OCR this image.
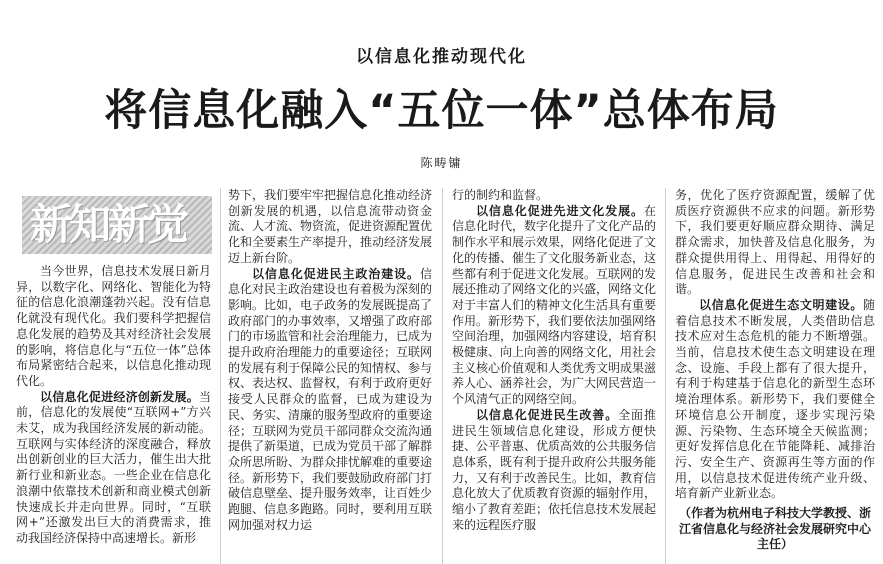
以信息化推动现代化
将信息化融入“五位一体”总体布局
陈畴镛
新知新觉

当今世界，信息技术发展日新月异，以数字化、网络化、智能化为特征的信息化浪潮蓬勃兴起。没有信息化就没有现代化。我们要科学把握信息化发展的趋势及其对经济社会发展的影响，将信息化与“五位一体”总体布局紧密结合起来，以信息化推动现代化。

以信息化促进经济创新发展。当前，信息化的发展使“互联网+”方兴未艾，成为我国经济发展的新动能。互联网与实体经济的深度融合，释放出创新创业的巨大活力，催生出大批新行业和新业态。一些企业在信息化浪潮中依靠技术创新和商业模式创新快速成长并走向世界。同时，“互联网+”还激发出巨大的消费需求，推动我国经济保持中高速增长。新形

势下，我们要牢牢把握信息化推动经济创新发展的机遇，以信息流带动资金流、人才流、物资流，促进资源配置优化和全要素生产率提升，推动经济发展迈上新台阶。

以信息化促进民主政治建设。信息化对民主政治建设也有着极为深刻的影响。比如，电子政务的发展既提高了政府部门的办事效率，又增强了政府部门的市场监管和社会治理能力，已成为提升政府治理能力的重要途径；互联网的发展有利于保障公民的知情权、参与权、表达权、监督权，有利于政府更好接受人民群众的监督，已成为建设为民、务实、清廉的服务型政府的重要途径；互联网为党员干部同群众交流沟通提供了新渠道，已成为党员干部了解群众所思所盼、为群众排忧解难的重要途径。新形势下，我们要鼓励政府部门打破信息壁垒、提升服务效率，让百姓少跑腿、信息多跑路。同时，要利用互联网加强对权力运

行的制约和监督。

以信息化促进先进文化发展。在信息化时代，数字化提升了文化产品的制作水平和展示效果，网络化促进了文化的传播、催生了文化服务新业态，这些都有利于促进文化发展。互联网的发展还推动了网络文化的兴盛，网络文化对于丰富人们的精神文化生活具有重要作用。新形势下，我们要依法加强网络空间治理，加强网络内容建设，培育积极健康、向上向善的网络文化，用社会主义核心价值观和人类优秀文明成果滋养人心、涵养社会，为广大网民营造一个风清气正的网络空间。

以信息化促进民生改善。全面推进民生领域信息化建设，形成方便快捷、公平普惠、优质高效的公共服务信息体系，既有利于提升政府公共服务能力，又有利于改善民生。比如，教育信息化放大了优质教育资源的辐射作用，缩小了教育差距；依托信息技术发展起来的远程医疗服

务，优化了医疗资源配置，缓解了优质医疗资源供不应求的问题。新形势下，我们要更好顺应群众期待、满足群众需求，加快普及信息化服务，为群众提供用得上、用得起、用得好的信息服务，促进民生改善和社会和谐。

以信息化促进生态文明建设。随着信息技术不断发展，人类借助信息技术应对生态危机的能力不断增强。当前，信息技术使生态文明建设在理念、设施、手段上都有了很大提升，有利于构建基于信息化的新型生态环境治理体系。新形势下，我们要健全环境信息公开制度，逐步实现污染源、污染物、生态环境全天候监测；更好发挥信息化在节能降耗、减排治污、安全生产、资源再生等方面的作用，以信息技术促进传统产业升级、培育新产业新业态。

（作者为杭州电子科技大学教授、浙江省信息化与经济社会发展研究中心主任）
